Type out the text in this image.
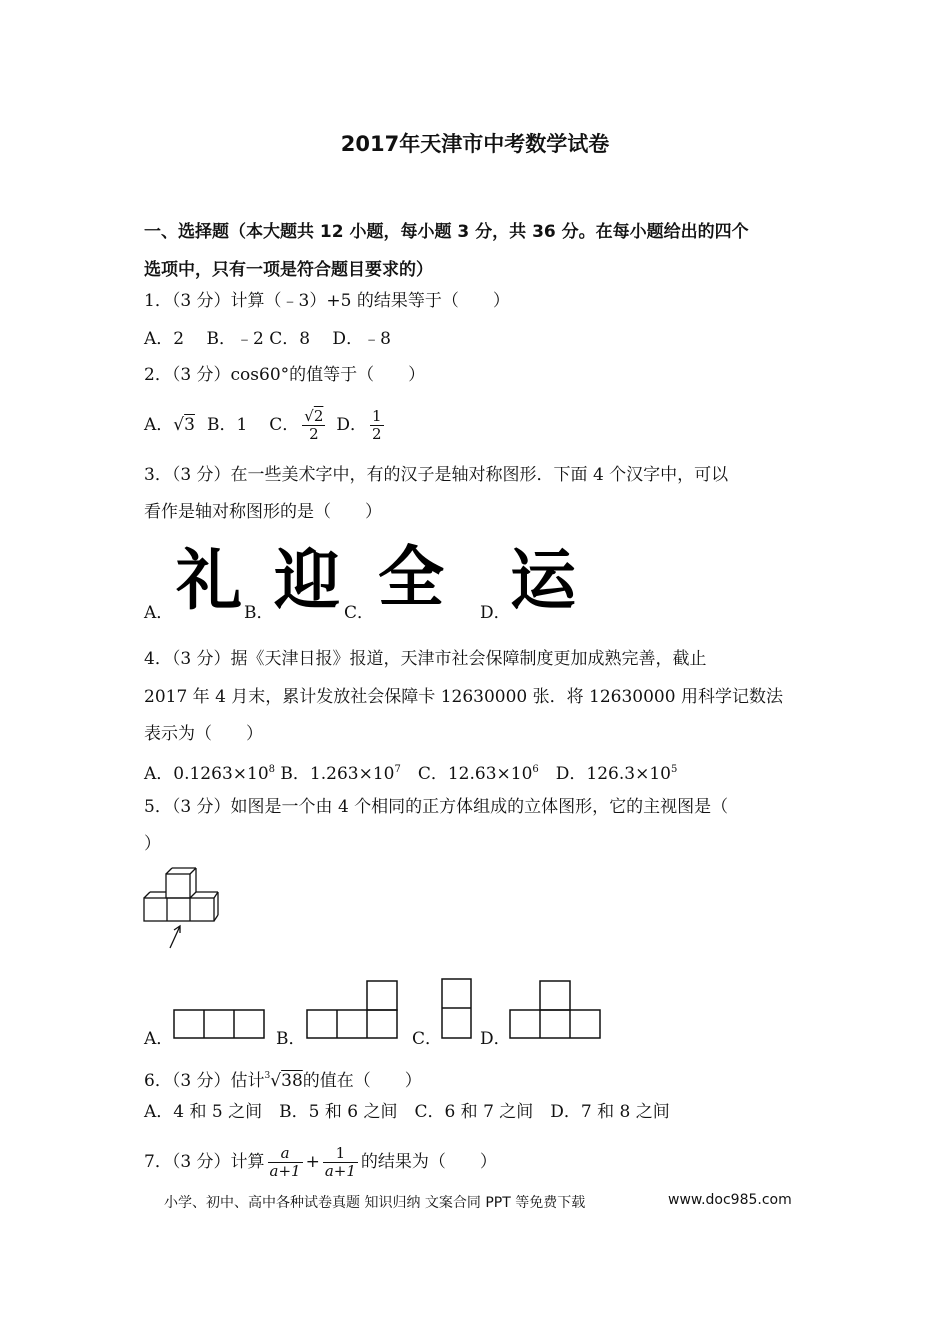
2017年天津市中考数学试卷
一、选择题（本大题共 12 小题，每小题 3 分，共 36 分。在每小题给出的四个
选项中，只有一项是符合题目要求的）
1．（3 分）计算（﹣3）+5 的结果等于（　　）
A．2　 B．﹣2 C．8　 D．﹣8
2．（3 分）cos60°的值等于（　　）
A． √3 B．1 C． $\frac{√2}{2}$ D． $\frac{1}{2}$
3．（3 分）在一些美术字中，有的汉子是轴对称图形．下面 4 个汉字中，可以
看作是轴对称图形的是（　　）
A． 礼 B． 迎 C． 全 D． 运
4．（3 分）据《天津日报》报道，天津市社会保障制度更加成熟完善，截止
2017 年 4 月末，累计发放社会保障卡 12630000 张．将 12630000 用科学记数法
表示为（　　）
A．$0.1263\times 10^8$ B．$1.263\times 10^7$　C．$12.63\times 10^6$　D．$126.3\times 10^5$
5．（3 分）如图是一个由 4 个相同的正方体组成的立体图形，它的主视图是（
）
A．	B．	C． D．
6．（3 分）估计$^3$√38的值在（　　）
A．4 和 5 之间　B．5 和 6 之间　C．6 和 7 之间　D．7 和 8 之间
7．（3 分）计算 $\frac{a}{a+1} + \frac{1}{a+1}$ 的结果为（　　）
小学、初中、高中各种试卷真题 知识归纳 文案合同 PPT 等免费下载	www.doc985.com
